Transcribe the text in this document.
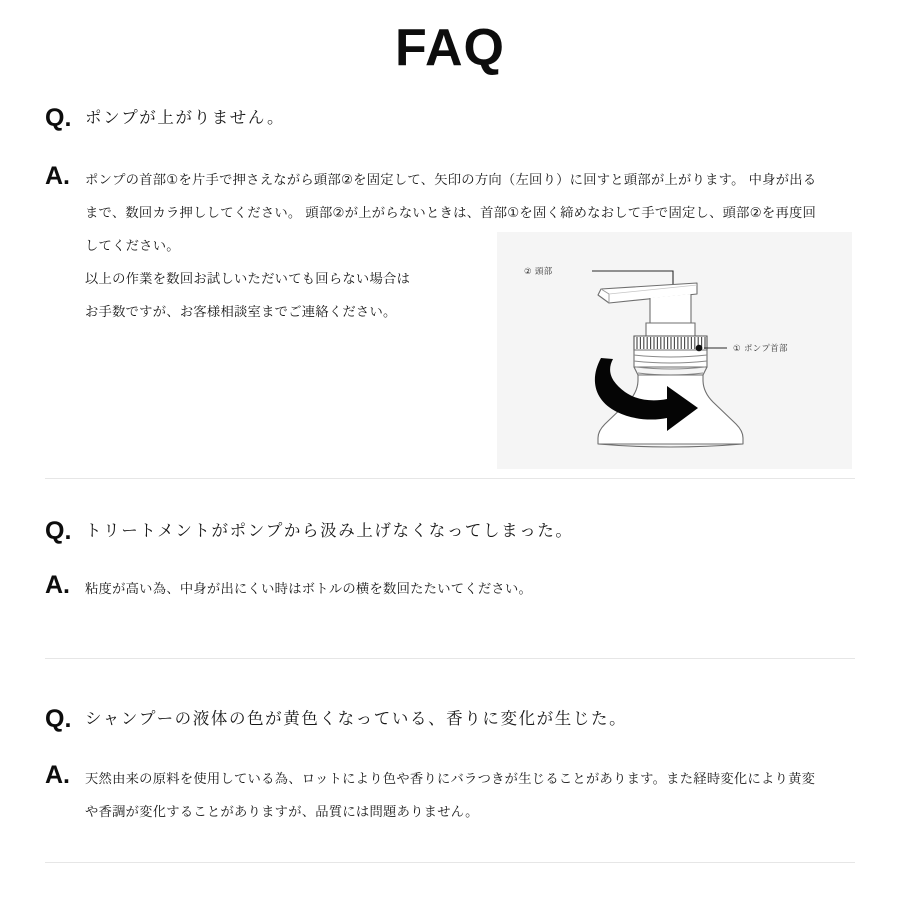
FAQ
Q. ポンプが上がりません。
A.	ポンプの首部①を片手で押さえながら頭部②を固定して、矢印の方向（左回り）に回すと頭部が上がります。 中身が出る
まで、数回カラ押ししてください。 頭部②が上がらないときは、首部①を固く締めなおして手で固定し、頭部②を再度回
してください。
以上の作業を数回お試しいただいても回らない場合は
お手数ですが、お客様相談室までご連絡ください。
② 頭部
① ポンプ首部
Q. トリートメントがポンプから汲み上げなくなってしまった。
A.	粘度が高い為、中身が出にくい時はボトルの横を数回たたいてください。
Q. シャンプーの液体の色が黄色くなっている、香りに変化が生じた。
A.	天然由来の原料を使用している為、ロットにより色や香りにバラつきが生じることがあります。また経時変化により黄変
や香調が変化することがありますが、品質には問題ありません。
